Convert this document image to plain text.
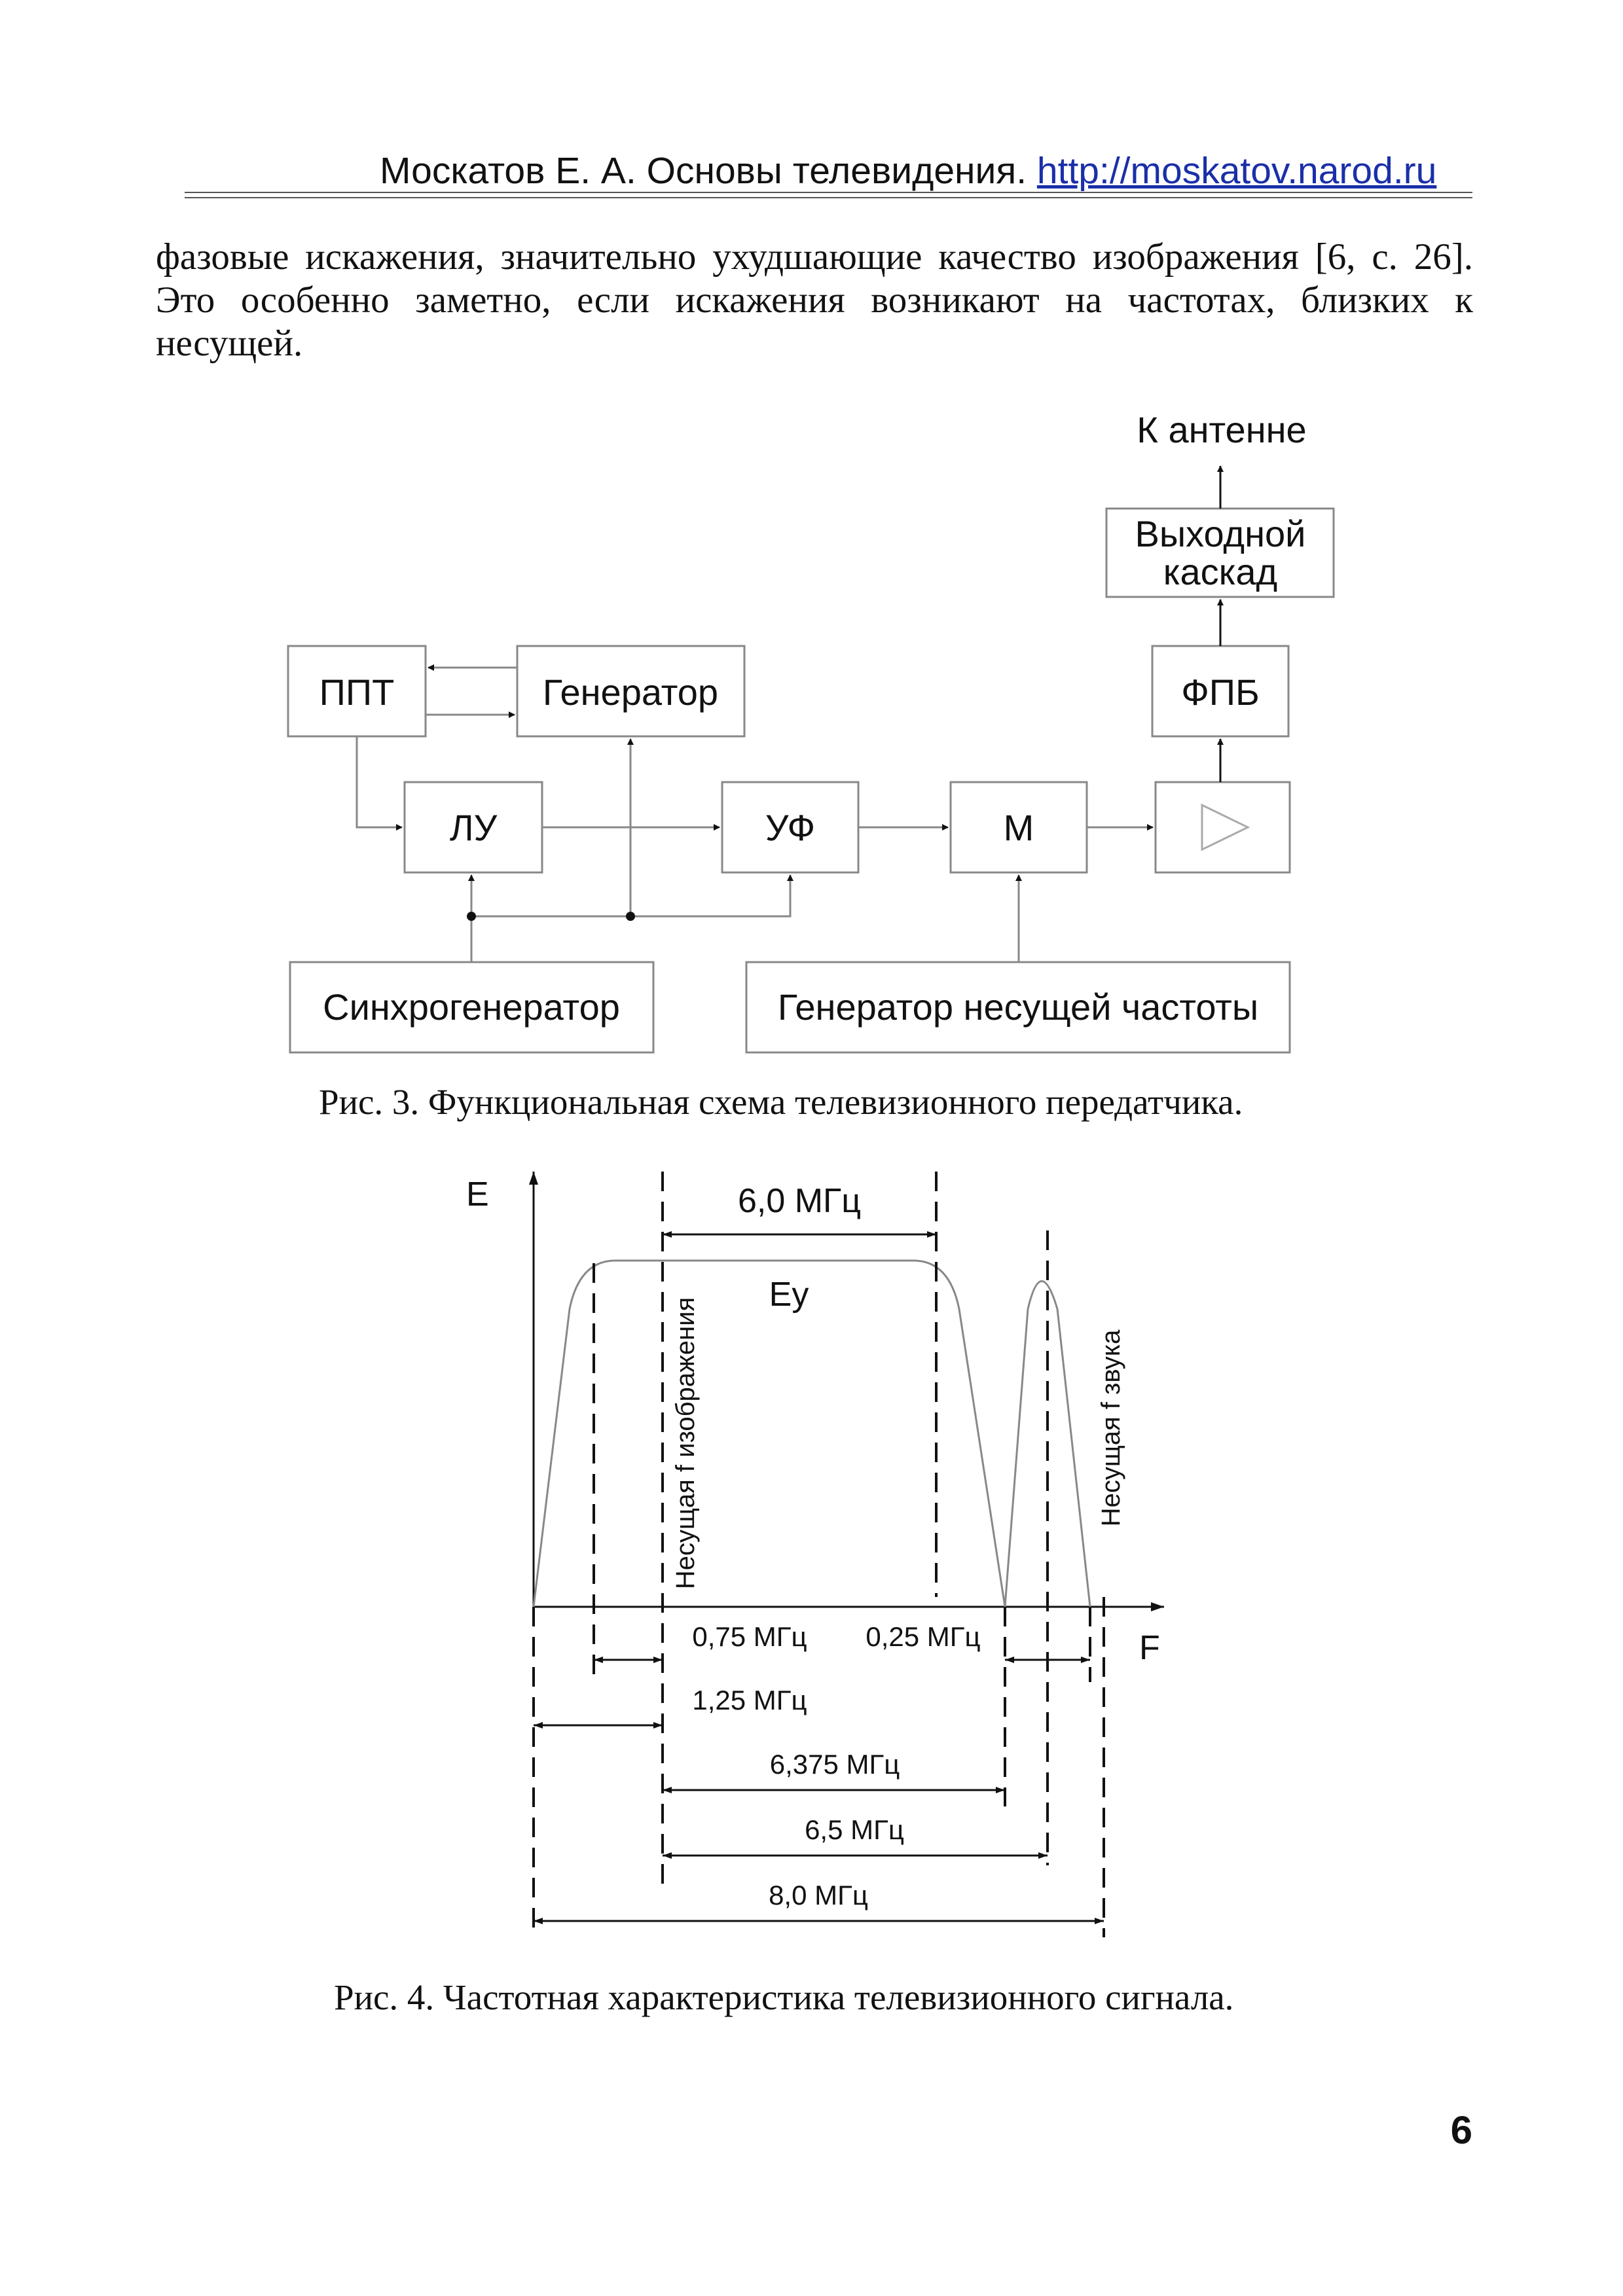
Москатов Е. А. Основы телевидения. http://moskatov.narod.ru
фазовые искажения, значительно ухудшающие качество изображения [6, с. 26]. Это особенно заметно, если искажения возникают на частотах, близких к несущей.
К антенне
Выходной
каскад
ППТ	Генератор	ФПБ
ЛУ	УФ	М
Синхрогенератор	Генератор несущей частоты
Рис. 3. Функциональная схема телевизионного передатчика.
E
F
6,0 МГц
Eу
Несущая f изображения	Несущая f звука
0,75 МГц 0,25 МГц
1,25 МГц
6,375 МГц
6,5 МГц
8,0 МГц
Рис. 4. Частотная характеристика телевизионного сигнала.
6
